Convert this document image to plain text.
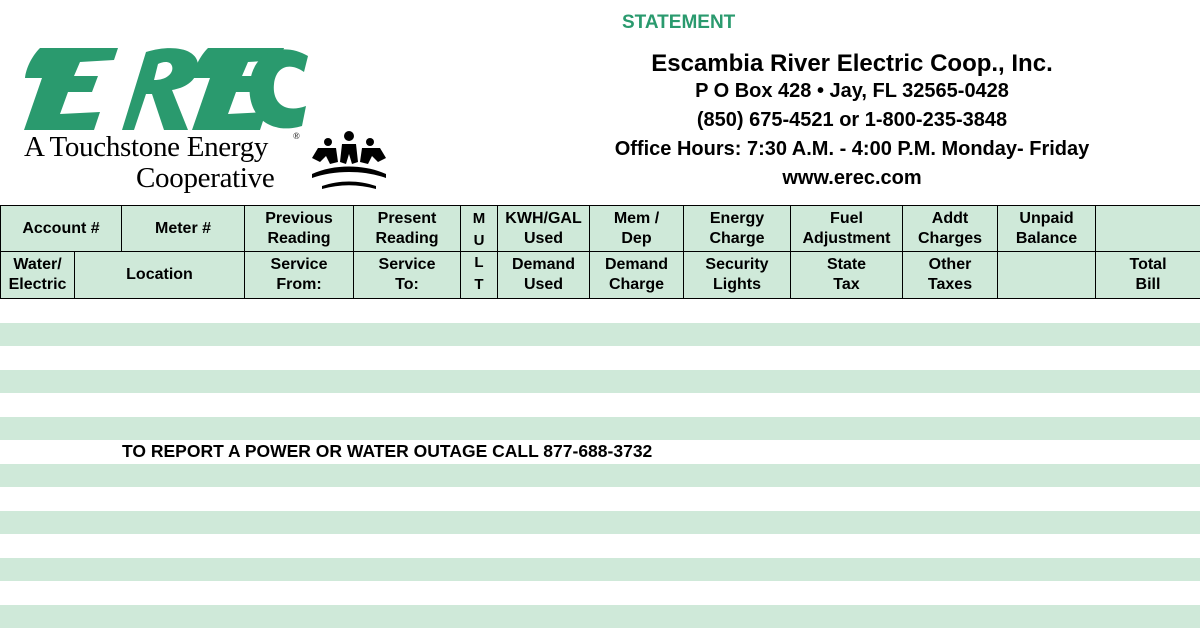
A Touchstone Energy	®
Cooperative
STATEMENT
Escambia River Electric Coop., Inc.
P O Box 428 • Jay, FL 32565-0428
(850) 675-4521 or 1-800-235-3848
Office Hours: 7:30 A.M. - 4:00 P.M. Monday- Friday
www.erec.com
Account #	Meter #
Previous
Reading
Present
Reading
KWH/GAL
Used
Mem /
Dep
Energy
Charge
Fuel
Adjustment
Addt
Charges
Unpaid
Balance
Water/
Electric
Location
Service
From:
Service
To:
Demand
Used
Demand
Charge
Security
Lights
State
Tax
Other
Taxes
Total
Bill
M
U
L
T
TO REPORT A POWER OR WATER OUTAGE CALL 877-688-3732
